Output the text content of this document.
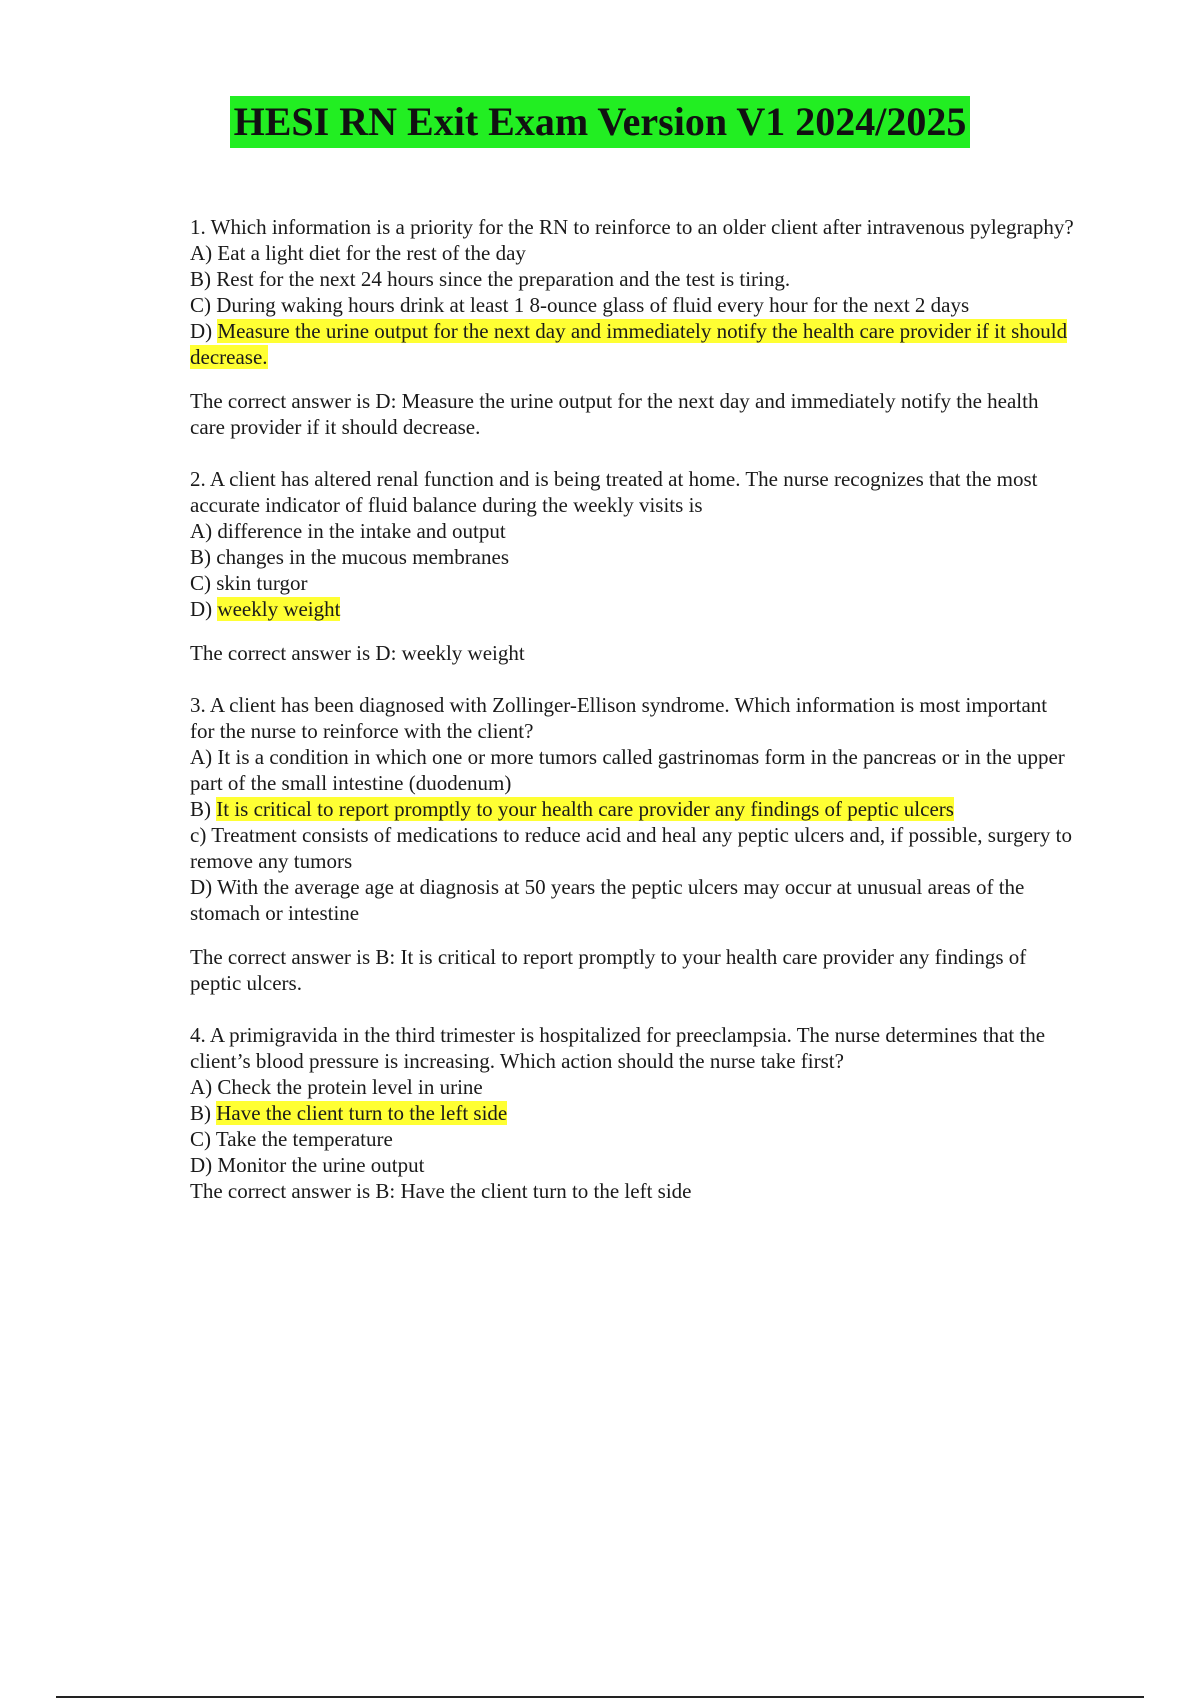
HESI RN Exit Exam Version V1 2024/2025
1. Which information is a priority for the RN to reinforce to an older client after intravenous pylegraphy?
A) Eat a light diet for the rest of the day
B) Rest for the next 24 hours since the preparation and the test is tiring.
C) During waking hours drink at least 1 8-ounce glass of fluid every hour for the next 2 days
D) Measure the urine output for the next day and immediately notify the health care provider if it should decrease.
The correct answer is D: Measure the urine output for the next day and immediately notify the health care provider if it should decrease.
2. A client has altered renal function and is being treated at home. The nurse recognizes that the most accurate indicator of fluid balance during the weekly visits is
A) difference in the intake and output
B) changes in the mucous membranes
C) skin turgor
D) weekly weight
The correct answer is D: weekly weight
3. A client has been diagnosed with Zollinger-Ellison syndrome. Which information is most important for the nurse to reinforce with the client?
A) It is a condition in which one or more tumors called gastrinomas form in the pancreas or in the upper part of the small intestine (duodenum)
B) It is critical to report promptly to your health care provider any findings of peptic ulcers
c) Treatment consists of medications to reduce acid and heal any peptic ulcers and, if possible, surgery to remove any tumors
D) With the average age at diagnosis at 50 years the peptic ulcers may occur at unusual areas of the stomach or intestine
The correct answer is B: It is critical to report promptly to your health care provider any findings of peptic ulcers.
4. A primigravida in the third trimester is hospitalized for preeclampsia. The nurse determines that the client’s blood pressure is increasing. Which action should the nurse take first?
A) Check the protein level in urine
B) Have the client turn to the left side
C) Take the temperature
D) Monitor the urine output
The correct answer is B: Have the client turn to the left side
